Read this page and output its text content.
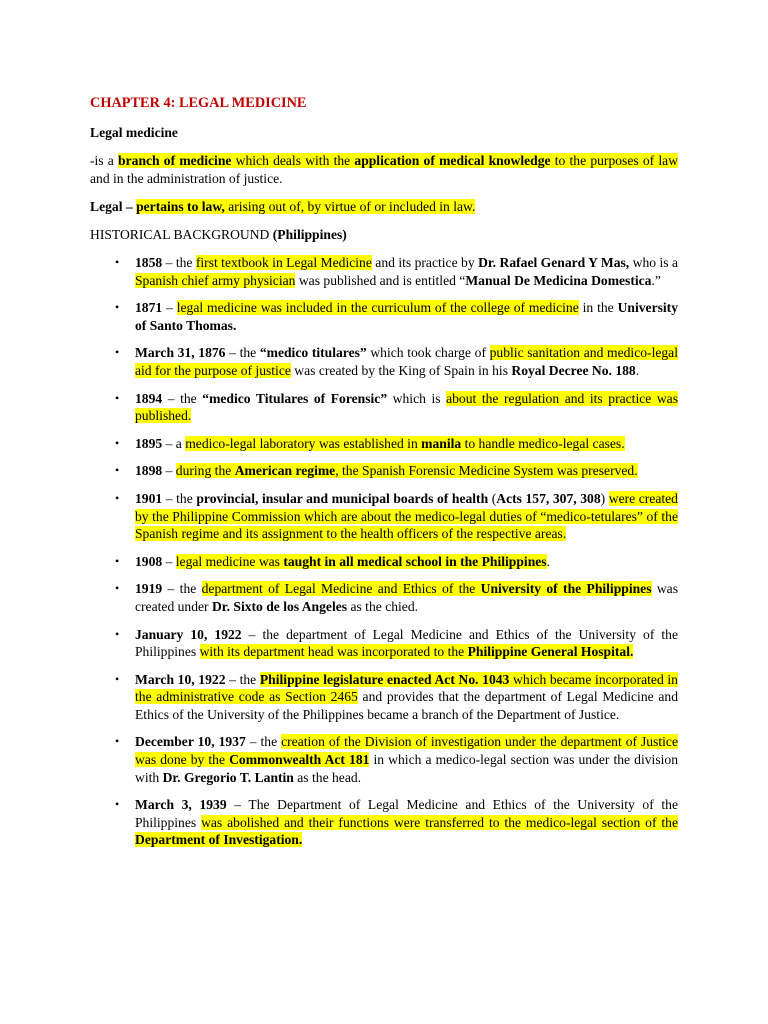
CHAPTER 4: LEGAL MEDICINE
Legal medicine
-is a branch of medicine which deals with the application of medical knowledge to the purposes of law and in the administration of justice.
Legal – pertains to law, arising out of, by virtue of or included in law.
HISTORICAL BACKGROUND (Philippines)
• 1858 – the first textbook in Legal Medicine and its practice by Dr. Rafael Genard Y Mas, who is a Spanish chief army physician was published and is entitled “Manual De Medicina Domestica.”
• 1871 – legal medicine was included in the curriculum of the college of medicine in the University of Santo Thomas.
• March 31, 1876 – the “medico titulares” which took charge of public sanitation and medico-legal aid for the purpose of justice was created by the King of Spain in his Royal Decree No. 188.
• 1894 – the “medico Titulares of Forensic” which is about the regulation and its practice was published.
• 1895 – a medico-legal laboratory was established in manila to handle medico-legal cases.
• 1898 – during the American regime, the Spanish Forensic Medicine System was preserved.
• 1901 – the provincial, insular and municipal boards of health (Acts 157, 307, 308) were created by the Philippine Commission which are about the medico-legal duties of “medico-tetulares” of the Spanish regime and its assignment to the health officers of the respective areas.
• 1908 – legal medicine was taught in all medical school in the Philippines.
• 1919 – the department of Legal Medicine and Ethics of the University of the Philippines was created under Dr. Sixto de los Angeles as the chied.
• January 10, 1922 – the department of Legal Medicine and Ethics of the University of the Philippines with its department head was incorporated to the Philippine General Hospital.
• March 10, 1922 – the Philippine legislature enacted Act No. 1043 which became incorporated in the administrative code as Section 2465 and provides that the department of Legal Medicine and Ethics of the University of the Philippines became a branch of the Department of Justice.
• December 10, 1937 – the creation of the Division of investigation under the department of Justice was done by the Commonwealth Act 181 in which a medico-legal section was under the division with Dr. Gregorio T. Lantin as the head.
• March 3, 1939 – The Department of Legal Medicine and Ethics of the University of the Philippines was abolished and their functions were transferred to the medico-legal section of the Department of Investigation.
